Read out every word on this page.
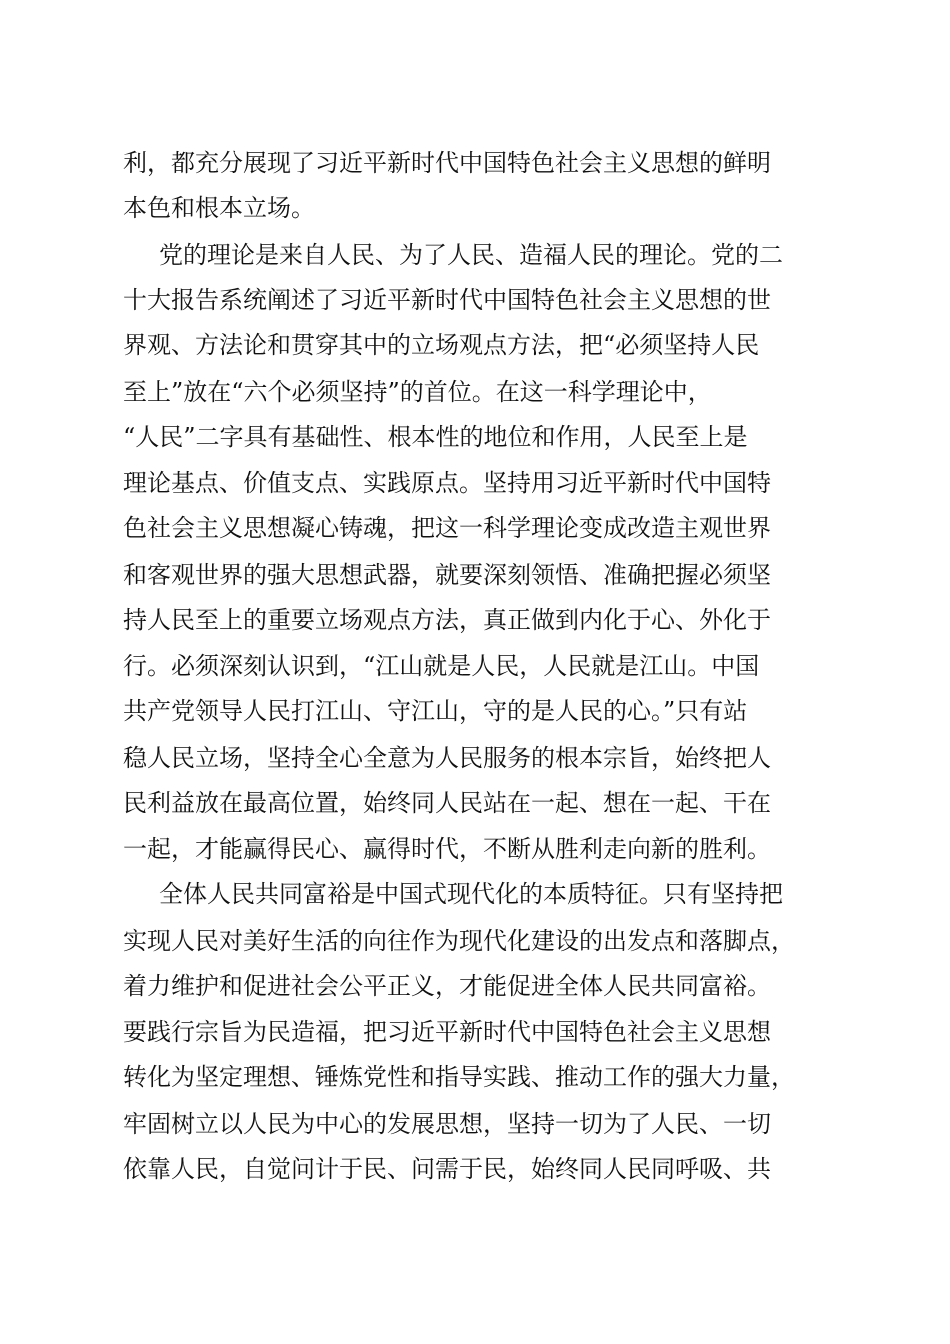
利，都充分展现了习近平新时代中国特色社会主义思想的鲜明
本色和根本立场。
党的理论是来自人民、为了人民、造福人民的理论。党的二
十大报告系统阐述了习近平新时代中国特色社会主义思想的世
界观、方法论和贯穿其中的立场观点方法，把“必须坚持人民
至上”放在“六个必须坚持”的首位。在这一科学理论中，
“人民”二字具有基础性、根本性的地位和作用，人民至上是
理论基点、价值支点、实践原点。坚持用习近平新时代中国特
色社会主义思想凝心铸魂，把这一科学理论变成改造主观世界
和客观世界的强大思想武器，就要深刻领悟、准确把握必须坚
持人民至上的重要立场观点方法，真正做到内化于心、外化于
行。必须深刻认识到，“江山就是人民，人民就是江山。中国
共产党领导人民打江山、守江山，守的是人民的心。”只有站
稳人民立场，坚持全心全意为人民服务的根本宗旨，始终把人
民利益放在最高位置，始终同人民站在一起、想在一起、干在
一起，才能赢得民心、赢得时代，不断从胜利走向新的胜利。
全体人民共同富裕是中国式现代化的本质特征。只有坚持把
实现人民对美好生活的向往作为现代化建设的出发点和落脚点，
着力维护和促进社会公平正义，才能促进全体人民共同富裕。
要践行宗旨为民造福，把习近平新时代中国特色社会主义思想
转化为坚定理想、锤炼党性和指导实践、推动工作的强大力量，
牢固树立以人民为中心的发展思想，坚持一切为了人民、一切
依靠人民，自觉问计于民、问需于民，始终同人民同呼吸、共
